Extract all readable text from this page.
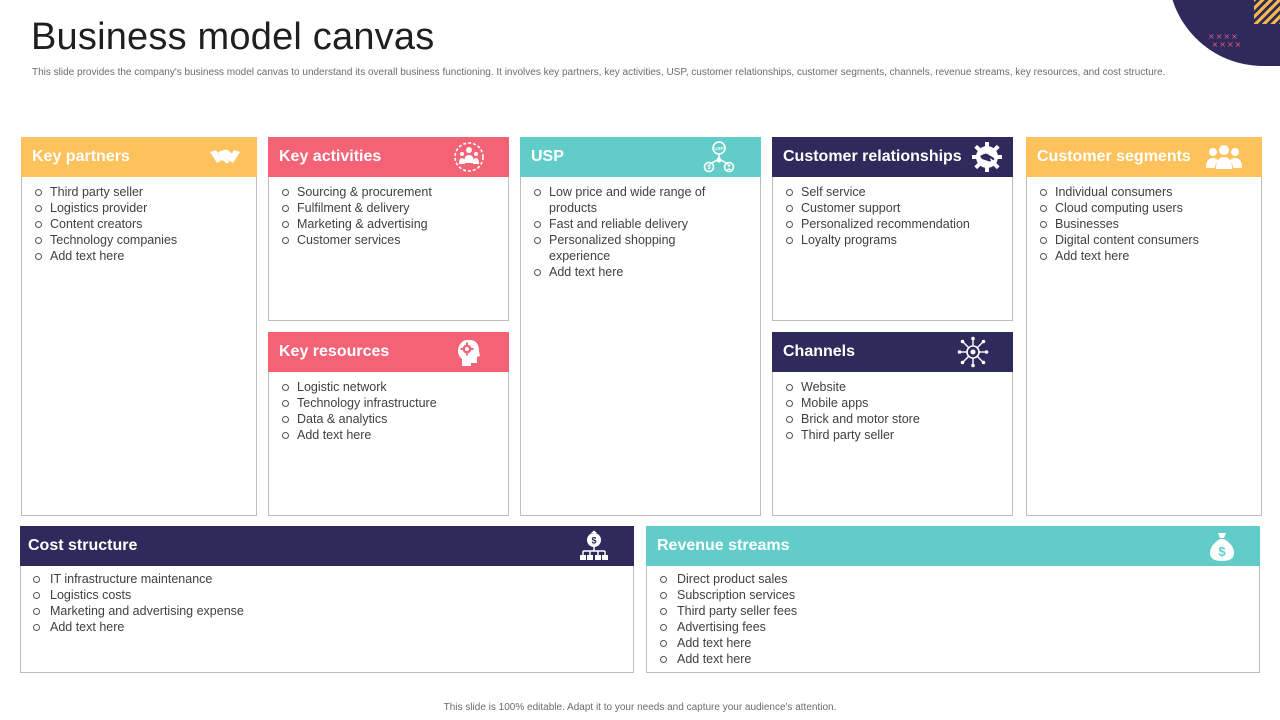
Business model canvas
This slide provides the company's business model canvas to understand its overall business functioning. It involves key partners, key activities, USP, customer relationships, customer segments, channels, revenue streams, key resources, and cost structure.
××××
××××
Key partners
Third party seller
Logistics provider
Content creators
Technology companies
Add text here
Key activities
Sourcing & procurement
Fulfilment & delivery
Marketing & advertising
Customer services
Key resources
Logistic network
Technology infrastructure
Data & analytics
Add text here
USP	USP
$
Low price and wide range of products
Fast and reliable delivery
Personalized shopping experience
Add text here
Customer relationships
Self service
Customer support
Personalized recommendation
Loyalty programs
Channels
Website
Mobile apps
Brick and motor store
Third party seller
Customer segments
Individual consumers
Cloud computing users
Businesses
Digital content consumers
Add text here
Cost structure	$
IT infrastructure maintenance
Logistics costs
Marketing and advertising expense
Add text here
Revenue streams	$
Direct product sales
Subscription services
Third party seller fees
Advertising fees
Add text here
Add text here
This slide is 100% editable. Adapt it to your needs and capture your audience's attention.
